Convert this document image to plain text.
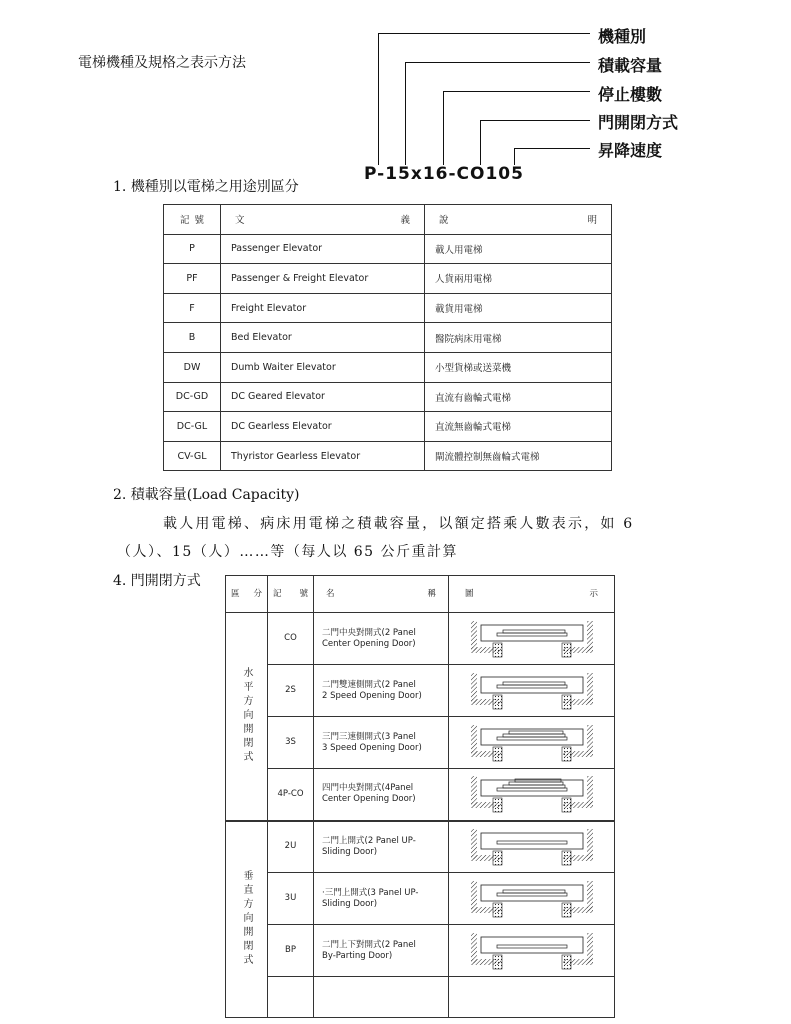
電梯機種及規格之表示方法
機種別
積載容量
停止樓數
門開閉方式
昇降速度
P-15x16-CO105
1. 機種別以電梯之用途別區分
記 號	文 義	說 明

P	Passenger Elevator	載人用電梯
PF	Passenger & Freight Elevator	人貨兩用電梯
F	Freight Elevator	載貨用電梯
B	Bed Elevator	醫院病床用電梯
DW	Dumb Waiter Elevator	小型貨梯或送菜機
DC-GD	DC Geared Elevator	直流有齒輪式電梯
DC-GL	DC Gearless Elevator	直流無齒輪式電梯
CV-GL	Thyristor Gearless Elevator	閘流體控制無齒輪式電梯
2. 積載容量(Load Capacity)
載人用電梯、病床用電梯之積載容量，以額定搭乘人數表示，如 6
（人）、15（人）……等（每人以 65 公斤重計算
4. 門開閉方式
區 分	記 號	名 稱	圖 示

水平方向開閉式	CO	二門中央對開式(2 Panel
Center Opening Door)

	2S	二門雙速側開式(2 Panel
2 Speed Opening Door)

	3S	三門三速側開式(3 Panel
3 Speed Opening Door)

	4P-CO	四門中央對開式(4Panel
Center Opening Door)

垂直方向開閉式	2U	二門上開式(2 Panel UP-
Sliding Door)

	3U	·三門上開式(3 Panel UP-
Sliding Door)

	BP	二門上下對開式(2 Panel
By-Parting Door)
